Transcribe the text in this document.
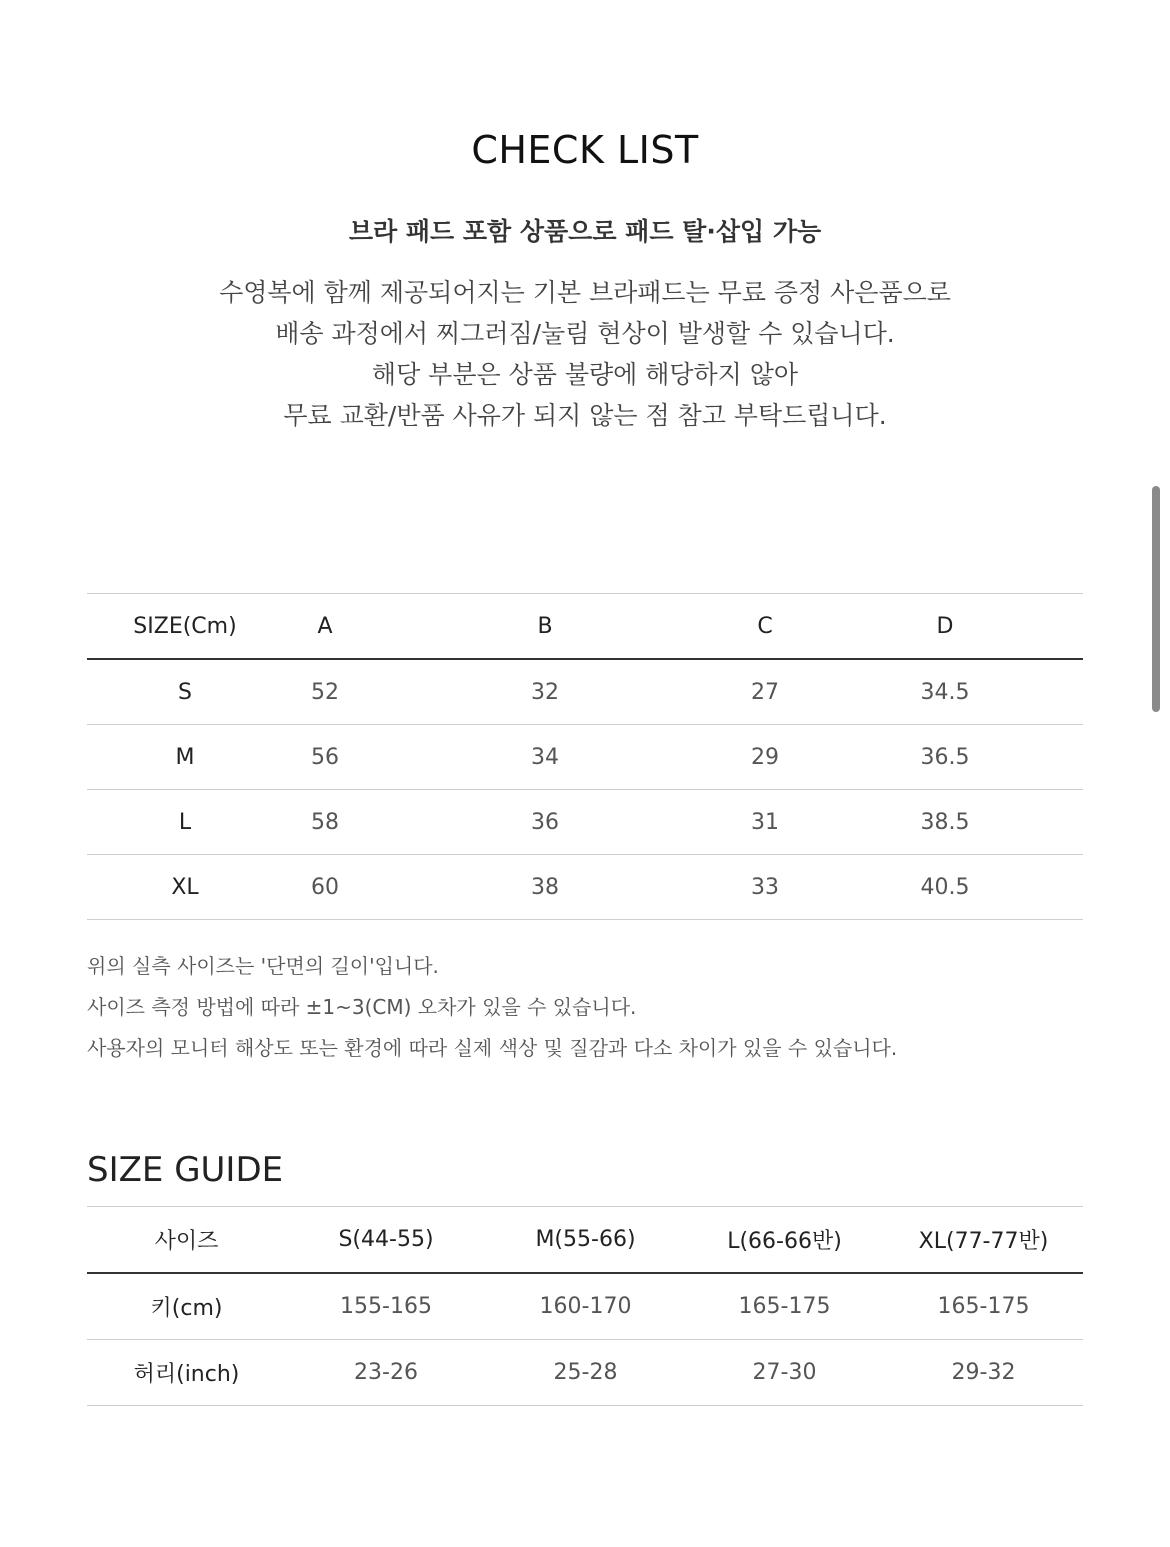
CHECK LIST
브라 패드 포함 상품으로 패드 탈·삽입 가능
수영복에 함께 제공되어지는 기본 브라패드는 무료 증정 사은품으로
배송 과정에서 찌그러짐/눌림 현상이 발생할 수 있습니다.
해당 부분은 상품 불량에 해당하지 않아
무료 교환/반품 사유가 되지 않는 점 참고 부탁드립니다.
SIZE(Cm)	A	B	C	D
S	52	32	27	34.5
M	56	34	29	36.5
L	58	36	31	38.5
XL	60	38	33	40.5
위의 실측 사이즈는 '단면의 길이'입니다.
사이즈 측정 방법에 따라 ±1~3(CM) 오차가 있을 수 있습니다.
사용자의 모니터 해상도 또는 환경에 따라 실제 색상 및 질감과 다소 차이가 있을 수 있습니다.
SIZE GUIDE
사이즈	S(44-55)	M(55-66)	L(66-66반)	XL(77-77반)
키(cm)	155-165	160-170	165-175	165-175
허리(inch)	23-26	25-28	27-30	29-32
